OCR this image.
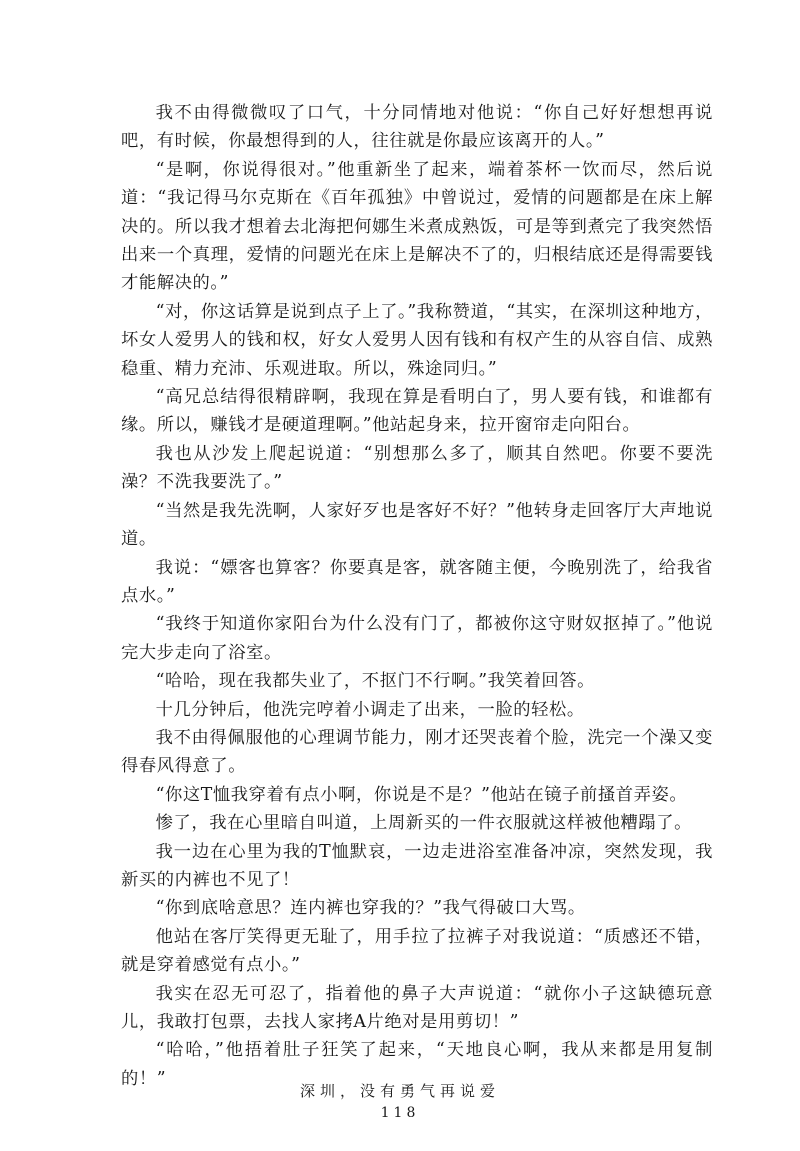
我不由得微微叹了口气，十分同情地对他说：“你自己好好想想再说吧，有时候，你最想得到的人，往往就是你最应该离开的人。”

“是啊，你说得很对。”他重新坐了起来，端着茶杯一饮而尽，然后说道：“我记得马尔克斯在《百年孤独》中曾说过，爱情的问题都是在床上解决的。所以我才想着去北海把何娜生米煮成熟饭，可是等到煮完了我突然悟出来一个真理，爱情的问题光在床上是解决不了的，归根结底还是得需要钱才能解决的。”

“对，你这话算是说到点子上了。”我称赞道，“其实，在深圳这种地方，坏女人爱男人的钱和权，好女人爱男人因有钱和有权产生的从容自信、成熟稳重、精力充沛、乐观进取。所以，殊途同归。”

“高兄总结得很精辟啊，我现在算是看明白了，男人要有钱，和谁都有缘。所以，赚钱才是硬道理啊。”他站起身来，拉开窗帘走向阳台。

我也从沙发上爬起说道：“别想那么多了，顺其自然吧。你要不要洗澡？不洗我要洗了。”

“当然是我先洗啊，人家好歹也是客好不好？”他转身走回客厅大声地说道。

我说：“嫖客也算客？你要真是客，就客随主便，今晚别洗了，给我省点水。”

“我终于知道你家阳台为什么没有门了，都被你这守财奴抠掉了。”他说完大步走向了浴室。

“哈哈，现在我都失业了，不抠门不行啊。”我笑着回答。

十几分钟后，他洗完哼着小调走了出来，一脸的轻松。

我不由得佩服他的心理调节能力，刚才还哭丧着个脸，洗完一个澡又变得春风得意了。

“你这T恤我穿着有点小啊，你说是不是？”他站在镜子前搔首弄姿。

惨了，我在心里暗自叫道，上周新买的一件衣服就这样被他糟蹋了。

我一边在心里为我的T恤默哀，一边走进浴室准备冲凉，突然发现，我新买的内裤也不见了！

“你到底啥意思？连内裤也穿我的？”我气得破口大骂。

他站在客厅笑得更无耻了，用手拉了拉裤子对我说道：“质感还不错，就是穿着感觉有点小。”

我实在忍无可忍了，指着他的鼻子大声说道：“就你小子这缺德玩意儿，我敢打包票，去找人家拷A片绝对是用剪切！”

“哈哈，”他捂着肚子狂笑了起来，“天地良心啊，我从来都是用复制的！”

深圳，没有勇气再说爱
118
